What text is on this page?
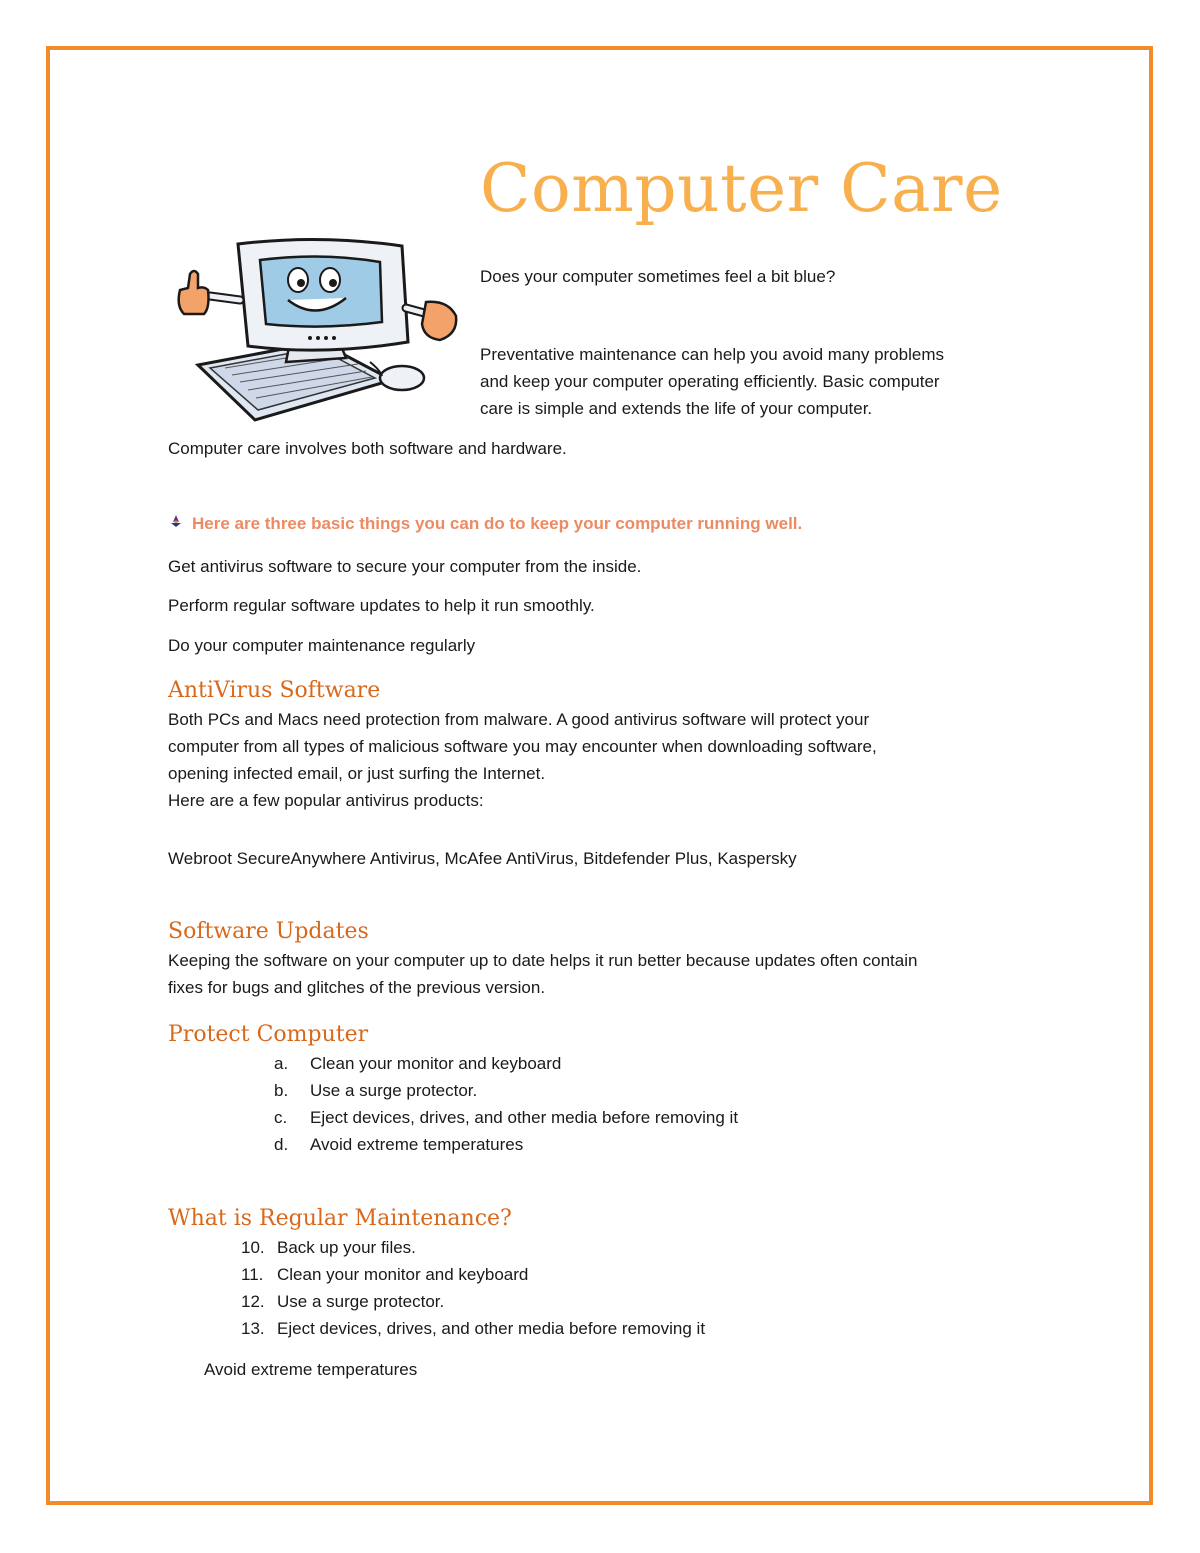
Computer Care
Does your computer sometimes feel a bit blue?
Preventative maintenance can help you avoid many problems
and keep your computer operating efficiently. Basic computer
care is simple and extends the life of your computer.
Computer care involves both software and hardware.
Here are three basic things you can do to keep your computer running well.
Get antivirus software to secure your computer from the inside.
Perform regular software updates to help it run smoothly.
Do your computer maintenance regularly
AntiVirus Software
Both PCs and Macs need protection from malware. A good antivirus software will protect your
computer from all types of malicious software you may encounter when downloading software,
opening infected email, or just surfing the Internet.
Here are a few popular antivirus products:
Webroot SecureAnywhere Antivirus, McAfee AntiVirus, Bitdefender Plus, Kaspersky
Software Updates
Keeping the software on your computer up to date helps it run better because updates often contain
fixes for bugs and glitches of the previous version.
Protect Computer
a. Clean your monitor and keyboard
b. Use a surge protector.
c. Eject devices, drives, and other media before removing it
d. Avoid extreme temperatures
What is Regular Maintenance?
10. Back up your files.
11. Clean your monitor and keyboard
12. Use a surge protector.
13. Eject devices, drives, and other media before removing it
Avoid extreme temperatures
